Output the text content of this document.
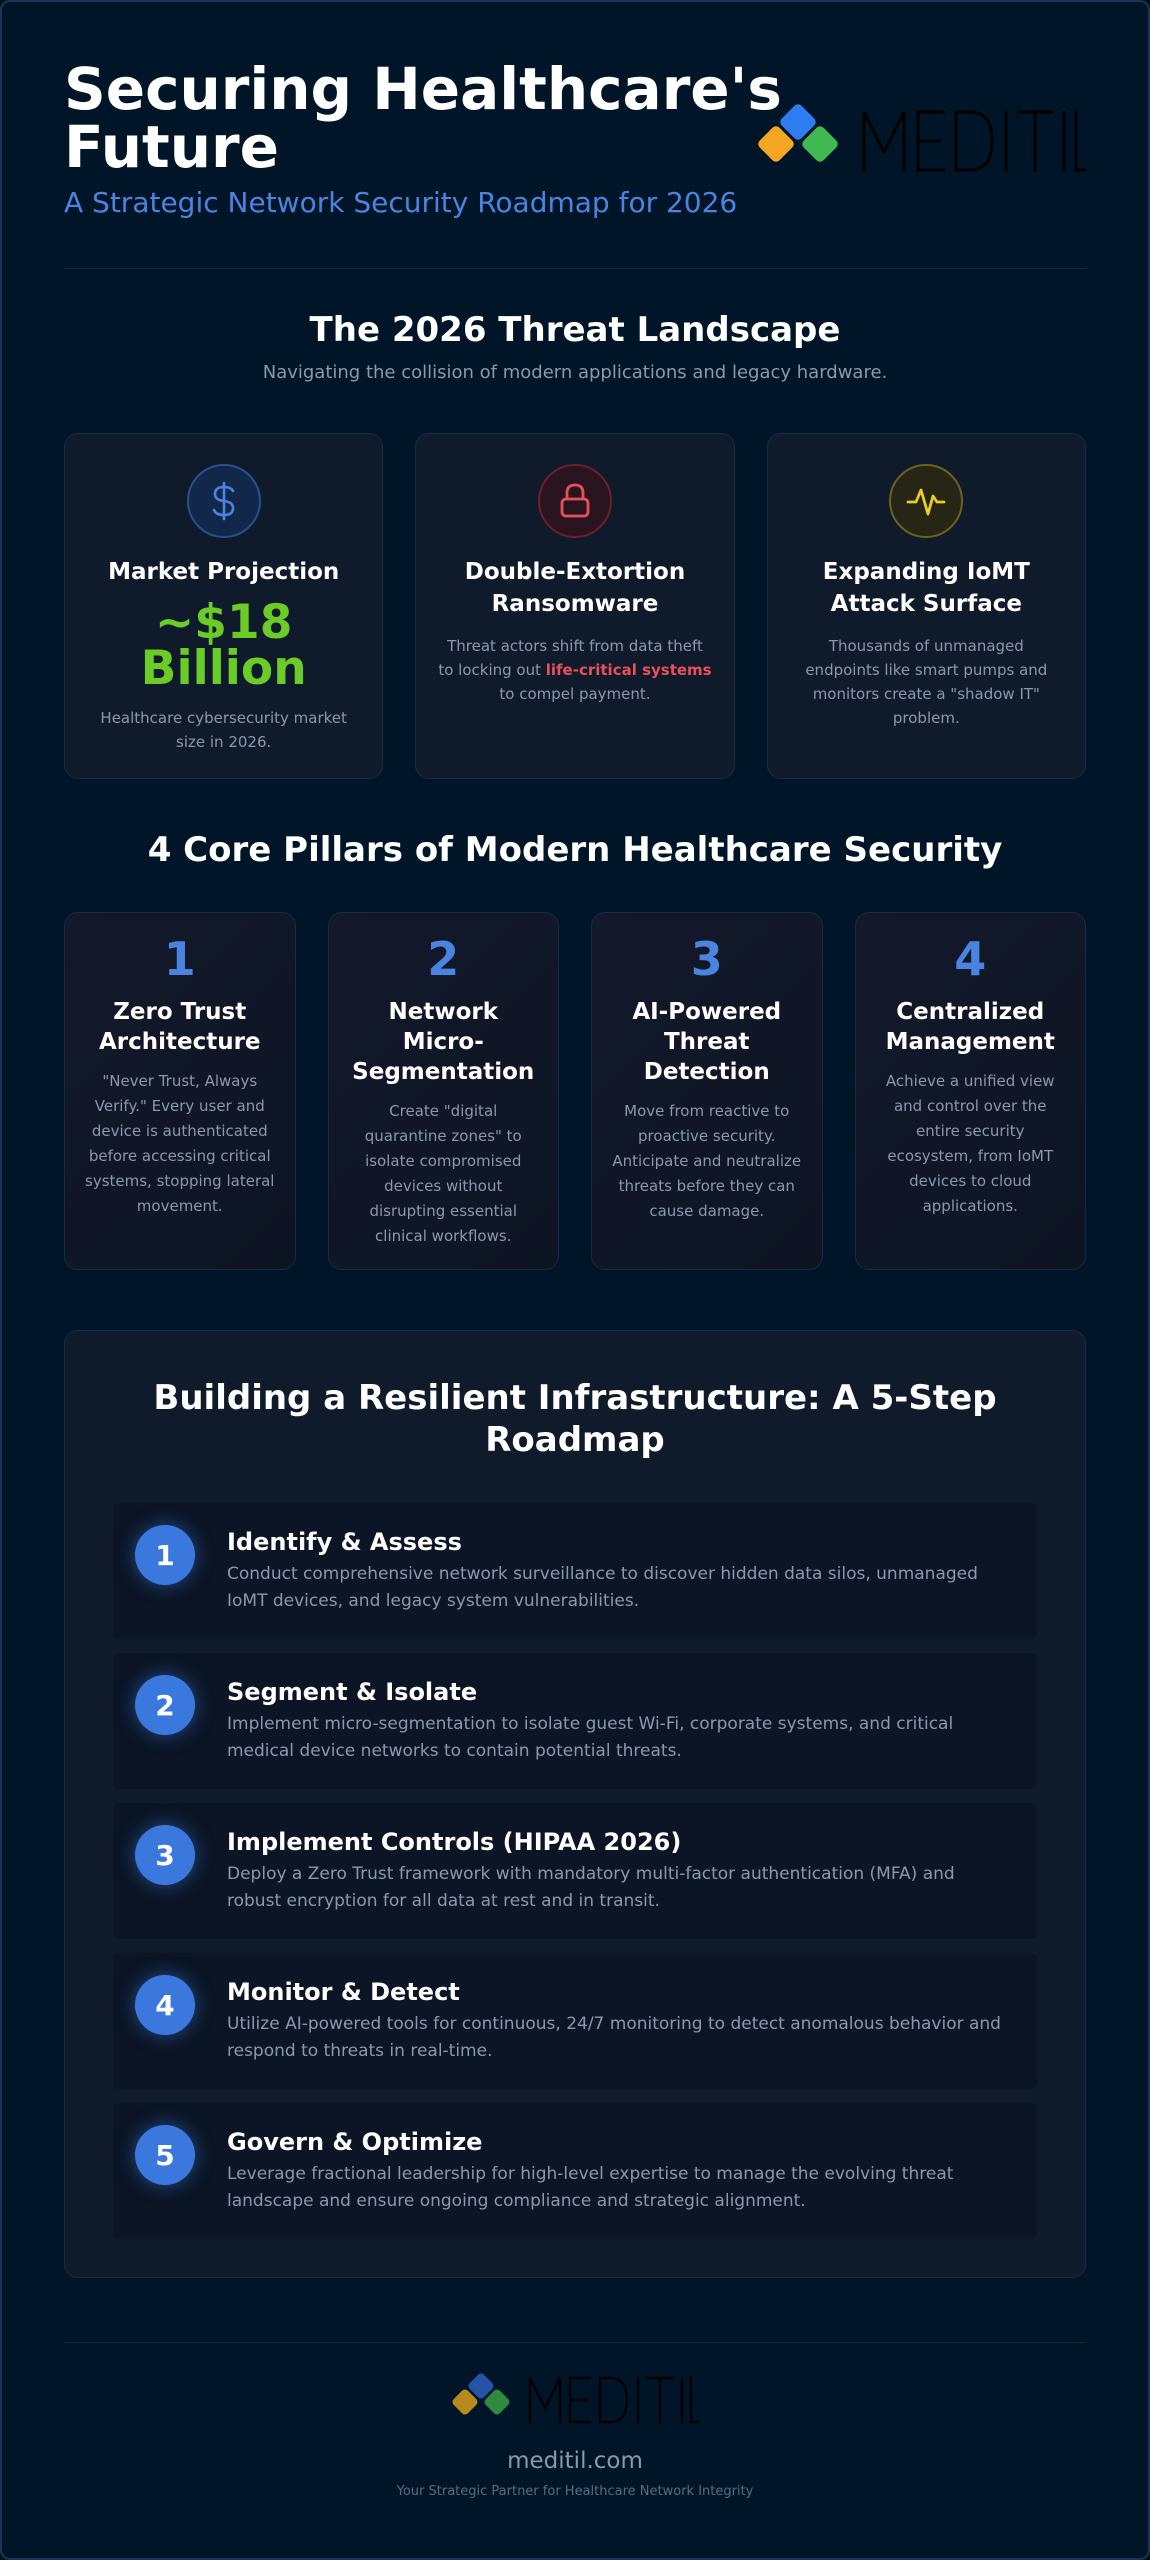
Securing Healthcare's Future

A Strategic Network Security Roadmap for 2026

The 2026 Threat Landscape

Navigating the collision of modern applications and legacy hardware.

Market Projection
~$18 Billion
Healthcare cybersecurity market size in 2026.
Double-Extortion Ransomware
Threat actors shift from data theft to locking out life-critical systems to compel payment.
Expanding IoMT Attack Surface
Thousands of unmanaged endpoints like smart pumps and monitors create a "shadow IT" problem.
4 Core Pillars of Modern Healthcare Security
1
Zero Trust Architecture
"Never Trust, Always Verify." Every user and device is authenticated before accessing critical systems, stopping lateral movement.
2
Network Micro-Segmentation
Create "digital quarantine zones" to isolate compromised devices without disrupting essential clinical workflows.
3
AI-Powered Threat Detection
Move from reactive to proactive security. Anticipate and neutralize threats before they can cause damage.
4
Centralized Management
Achieve a unified view and control over the entire security ecosystem, from IoMT devices to cloud applications.
Building a Resilient Infrastructure: A 5-Step Roadmap
1	Identify & Assess
Conduct comprehensive network surveillance to discover hidden data silos, unmanaged IoMT devices, and legacy system vulnerabilities.
2	Segment & Isolate
Implement micro-segmentation to isolate guest Wi-Fi, corporate systems, and critical medical device networks to contain potential threats.
3	Implement Controls (HIPAA 2026)
Deploy a Zero Trust framework with mandatory multi-factor authentication (MFA) and robust encryption for all data at rest and in transit.
4	Monitor & Detect
Utilize AI-powered tools for continuous, 24/7 monitoring to detect anomalous behavior and respond to threats in real-time.
5	Govern & Optimize
Leverage fractional leadership for high-level expertise to manage the evolving threat landscape and ensure ongoing compliance and strategic alignment.
meditil.com
Your Strategic Partner for Healthcare Network Integrity
